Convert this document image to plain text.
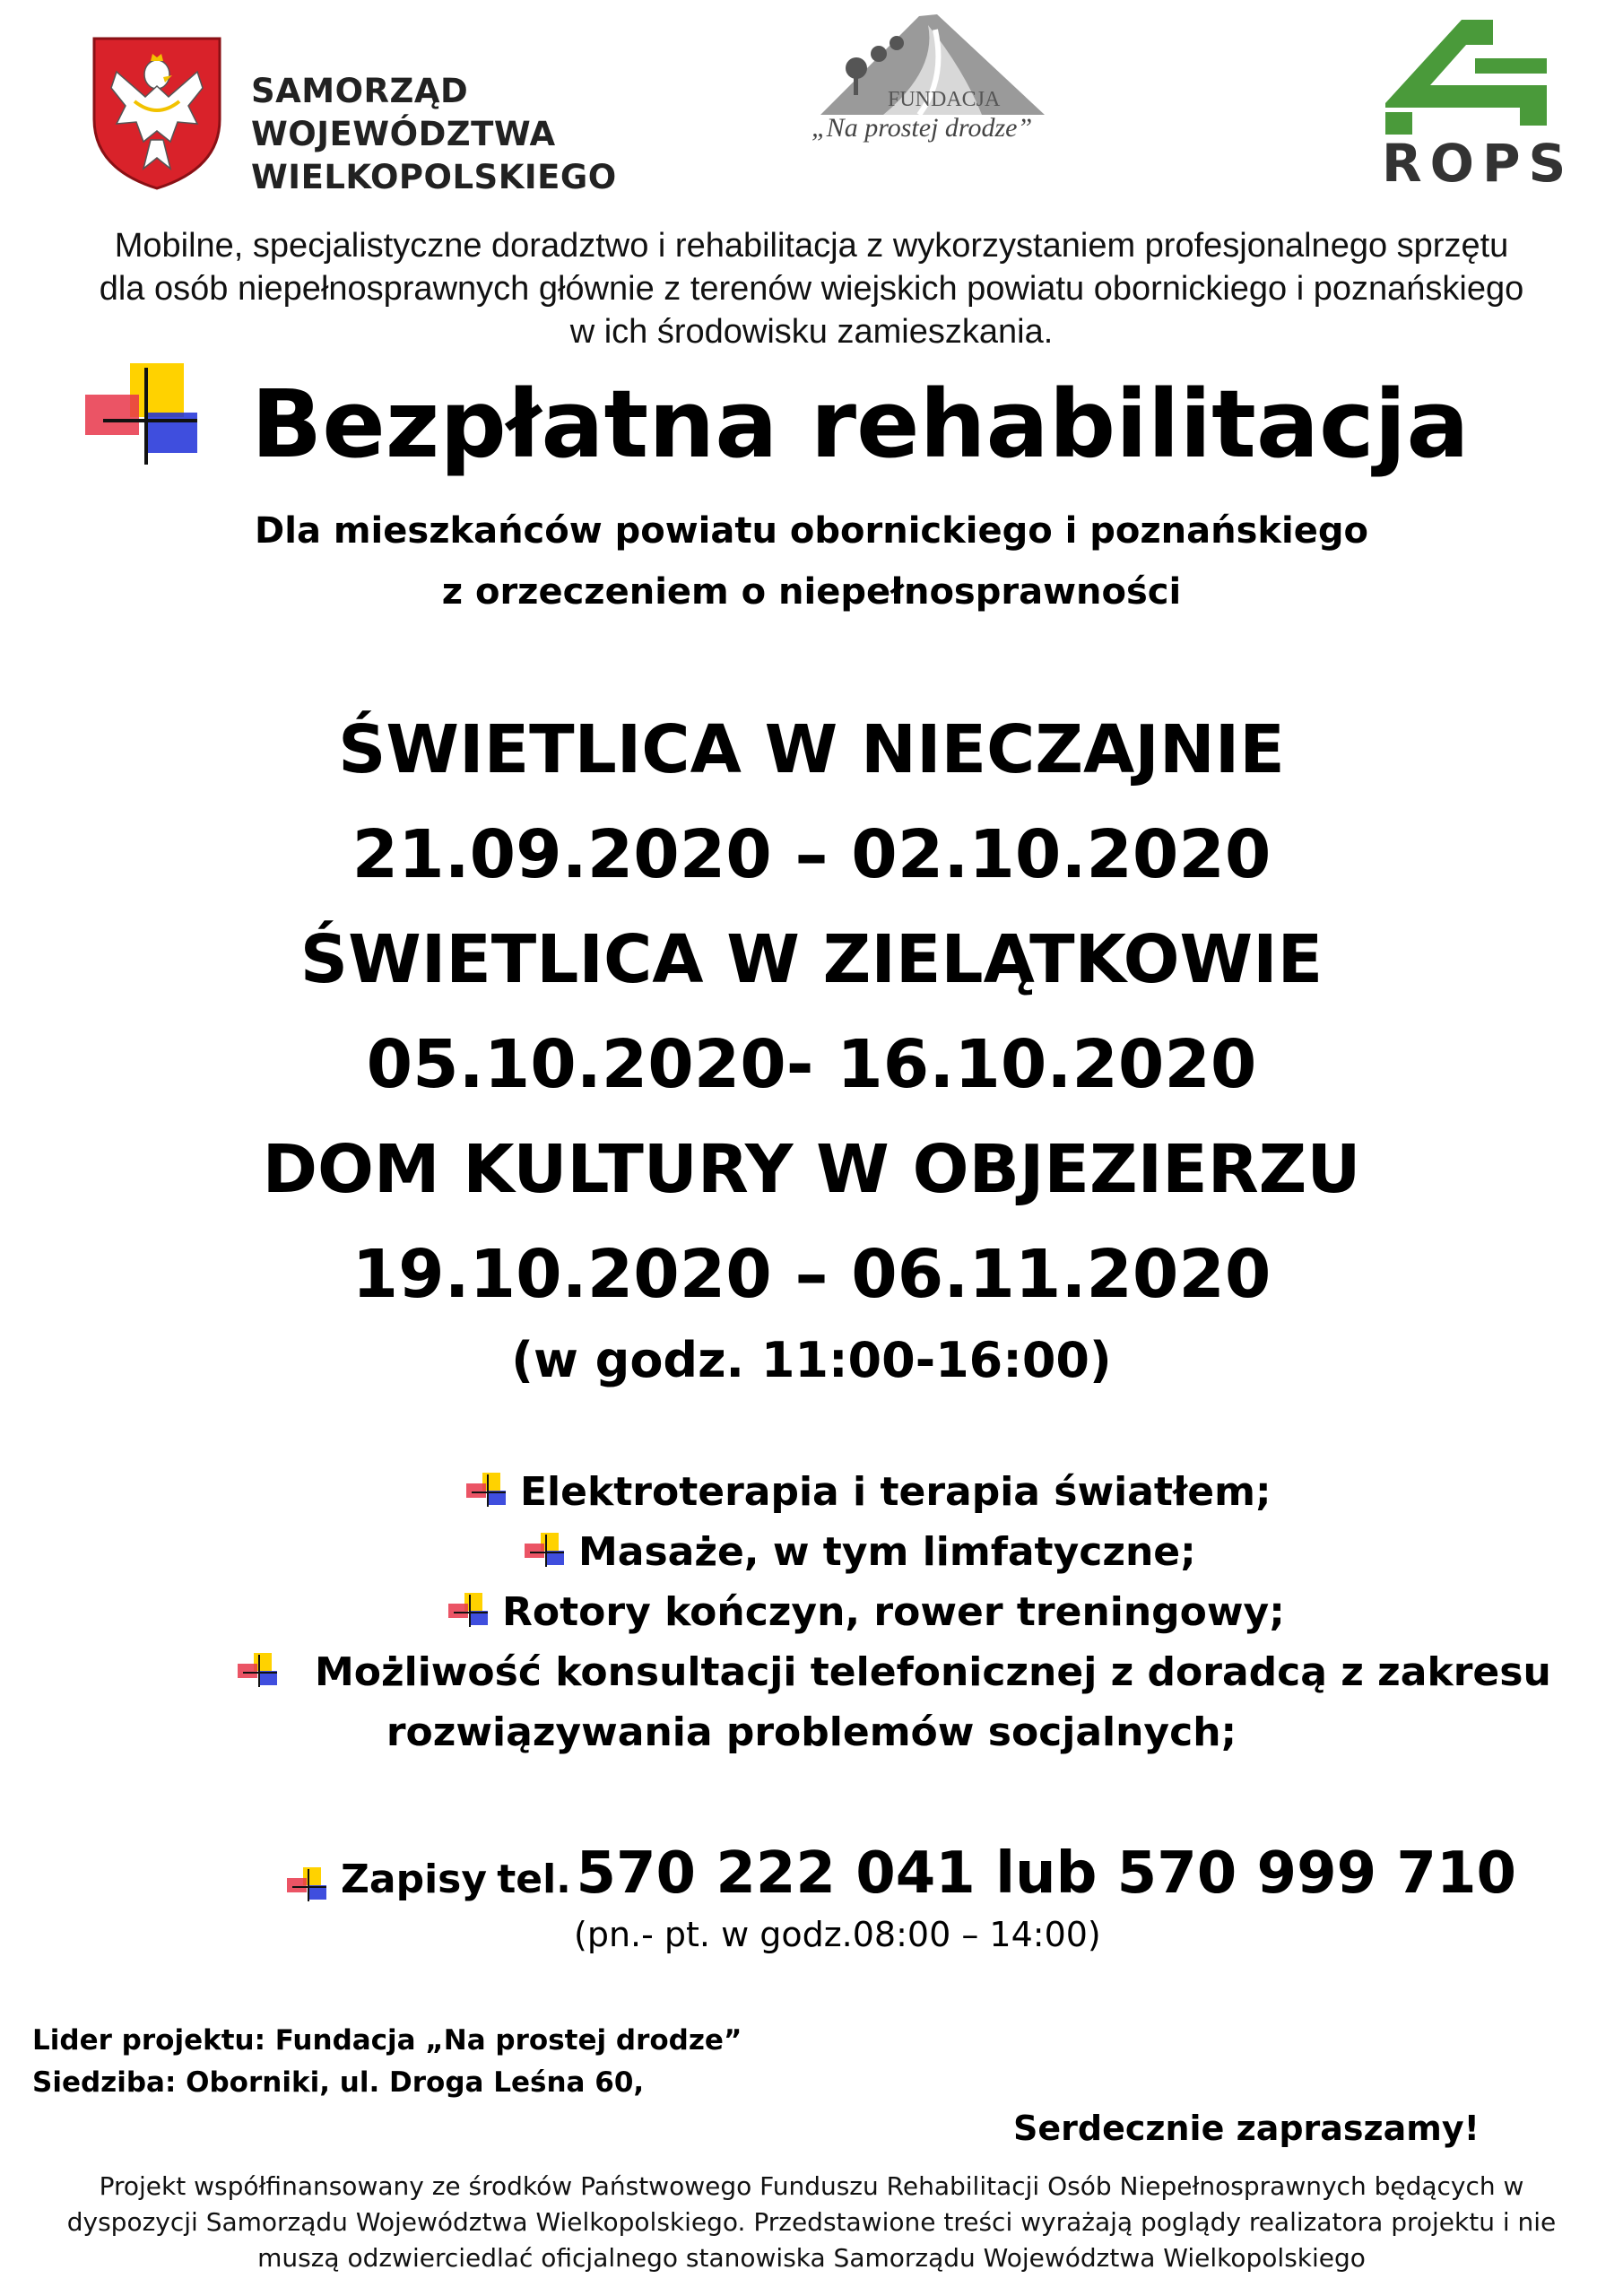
SAMORZĄD WOJEWÓDZTWA
WIELKOPOLSKIEGO
FUNDACJA
„Na prostej drodze”
ROPS
Mobilne, specjalistyczne doradztwo i rehabilitacja z wykorzystaniem profesjonalnego sprzętu
dla osób niepełnosprawnych głównie z terenów wiejskich powiatu obornickiego i poznańskiego
w ich środowisku zamieszkania.
Bezpłatna rehabilitacja
Dla mieszkańców powiatu obornickiego i poznańskiego
z orzeczeniem o niepełnosprawności
ŚWIETLICA W NIECZAJNIE
21.09.2020 – 02.10.2020
ŚWIETLICA W ZIELĄTKOWIE
05.10.2020- 16.10.2020
DOM KULTURY W OBJEZIERZU
19.10.2020 – 06.11.2020
(w godz. 11:00-16:00)
Elektroterapia i terapia światłem;
Masaże, w tym limfatyczne;
Rotory kończyn, rower treningowy;
Możliwość konsultacji telefonicznej z doradcą z zakresu
rozwiązywania problemów socjalnych;
Zapisy tel. 570 222 041 lub 570 999 710
(pn.- pt. w godz.08:00 – 14:00)
Lider projektu: Fundacja „Na prostej drodze”
Siedziba: Oborniki, ul. Droga Leśna 60,
Serdecznie zapraszamy!
Projekt współfinansowany ze środków Państwowego Funduszu Rehabilitacji Osób Niepełnosprawnych będących w
dyspozycji Samorządu Województwa Wielkopolskiego. Przedstawione treści wyrażają poglądy realizatora projektu i nie
muszą odzwierciedlać oficjalnego stanowiska Samorządu Województwa Wielkopolskiego
